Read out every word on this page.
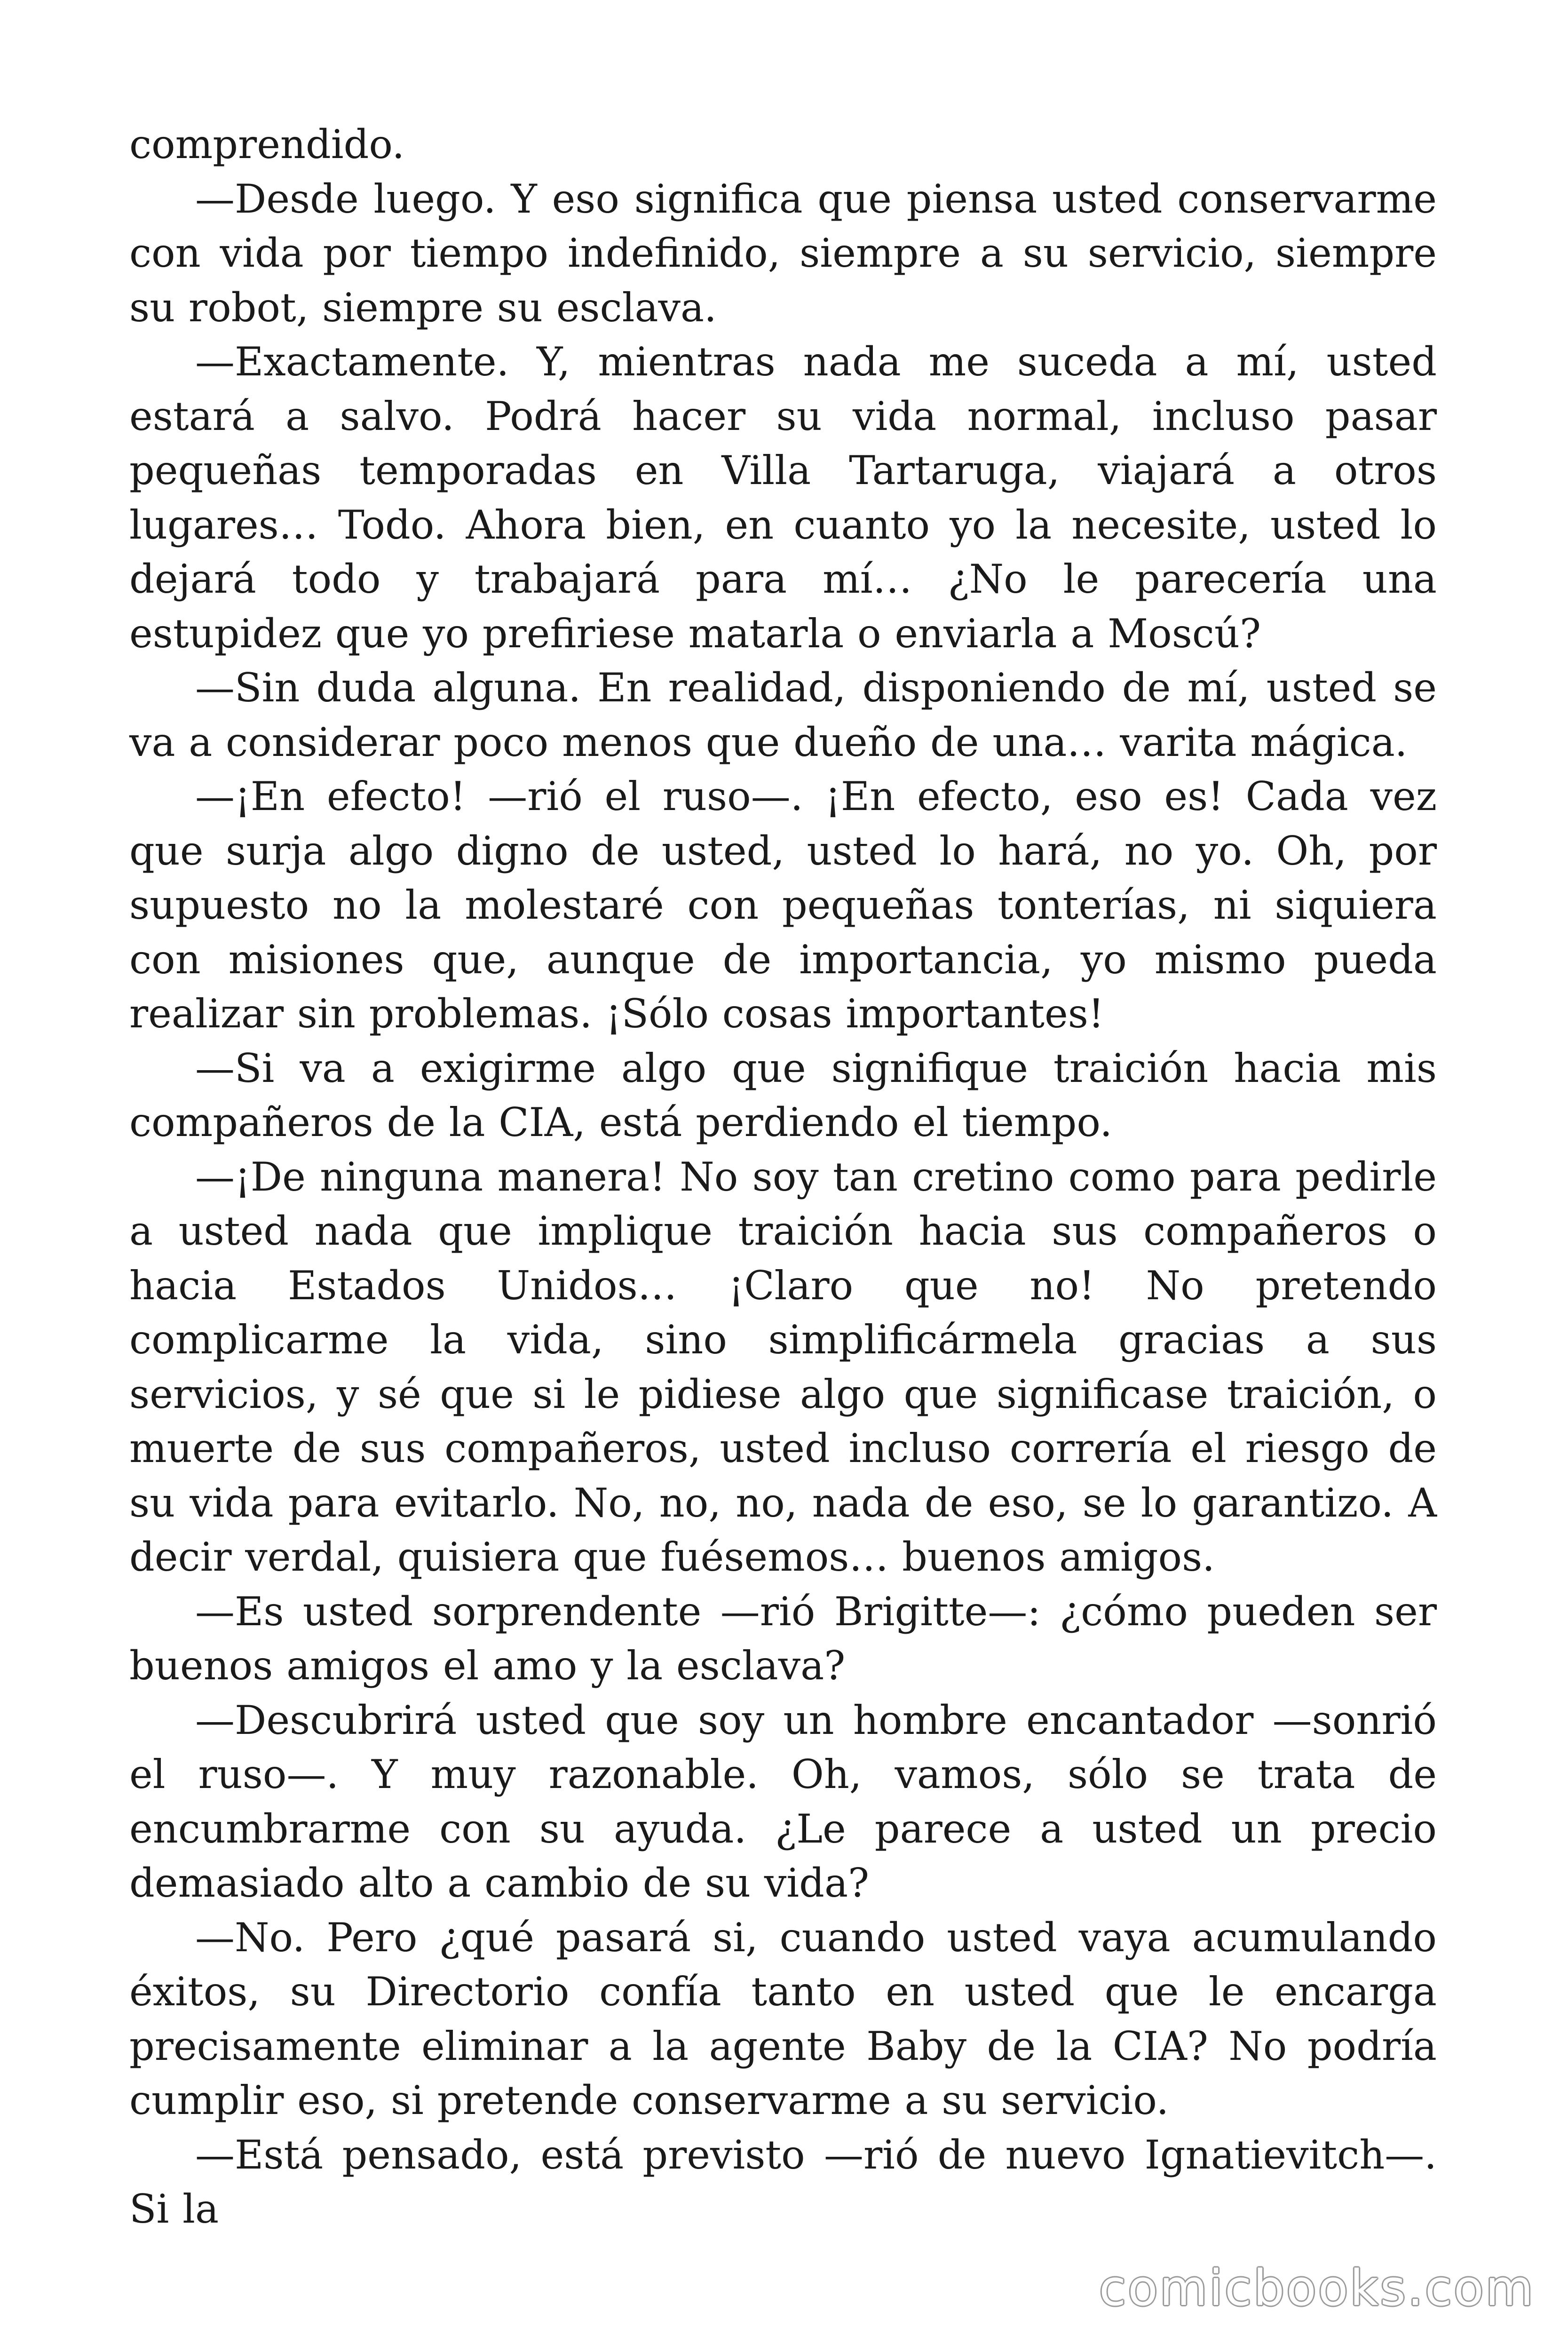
comprendido.

—Desde luego. Y eso significa que piensa usted conservarme con vida por tiempo indefinido, siempre a su servicio, siempre su robot, siempre su esclava.

—Exactamente. Y, mientras nada me suceda a mí, usted estará a salvo. Podrá hacer su vida normal, incluso pasar pequeñas temporadas en Villa Tartaruga, viajará a otros lugares… Todo. Ahora bien, en cuanto yo la necesite, usted lo dejará todo y trabajará para mí… ¿No le parecería una estupidez que yo prefiriese matarla o enviarla a Moscú?

—Sin duda alguna. En realidad, disponiendo de mí, usted se va a considerar poco menos que dueño de una… varita mágica.

—¡En efecto! —rió el ruso—. ¡En efecto, eso es! Cada vez que surja algo digno de usted, usted lo hará, no yo. Oh, por supuesto no la molestaré con pequeñas tonterías, ni siquiera con misiones que, aunque de importancia, yo mismo pueda realizar sin problemas. ¡Sólo cosas importantes!

—Si va a exigirme algo que signifique traición hacia mis compañeros de la CIA, está perdiendo el tiempo.

—¡De ninguna manera! No soy tan cretino como para pedirle a usted nada que implique traición hacia sus compañeros o hacia Estados Unidos… ¡Claro que no! No pretendo complicarme la vida, sino simplificármela gracias a sus servicios, y sé que si le pidiese algo que significase traición, o muerte de sus compañeros, usted incluso correría el riesgo de su vida para evitarlo. No, no, no, nada de eso, se lo garantizo. A decir verdal, quisiera que fuésemos… buenos amigos.

—Es usted sorprendente —rió Brigitte—: ¿cómo pueden ser buenos amigos el amo y la esclava?

—Descubrirá usted que soy un hombre encantador —sonrió el ruso—. Y muy razonable. Oh, vamos, sólo se trata de encumbrarme con su ayuda. ¿Le parece a usted un precio demasiado alto a cambio de su vida?

—No. Pero ¿qué pasará si, cuando usted vaya acumulando éxitos, su Directorio confía tanto en usted que le encarga precisamente eliminar a la agente Baby de la CIA? No podría cumplir eso, si pretende conservarme a su servicio.

—Está pensado, está previsto —rió de nuevo Ignatievitch—. Si la

comicbooks.com
